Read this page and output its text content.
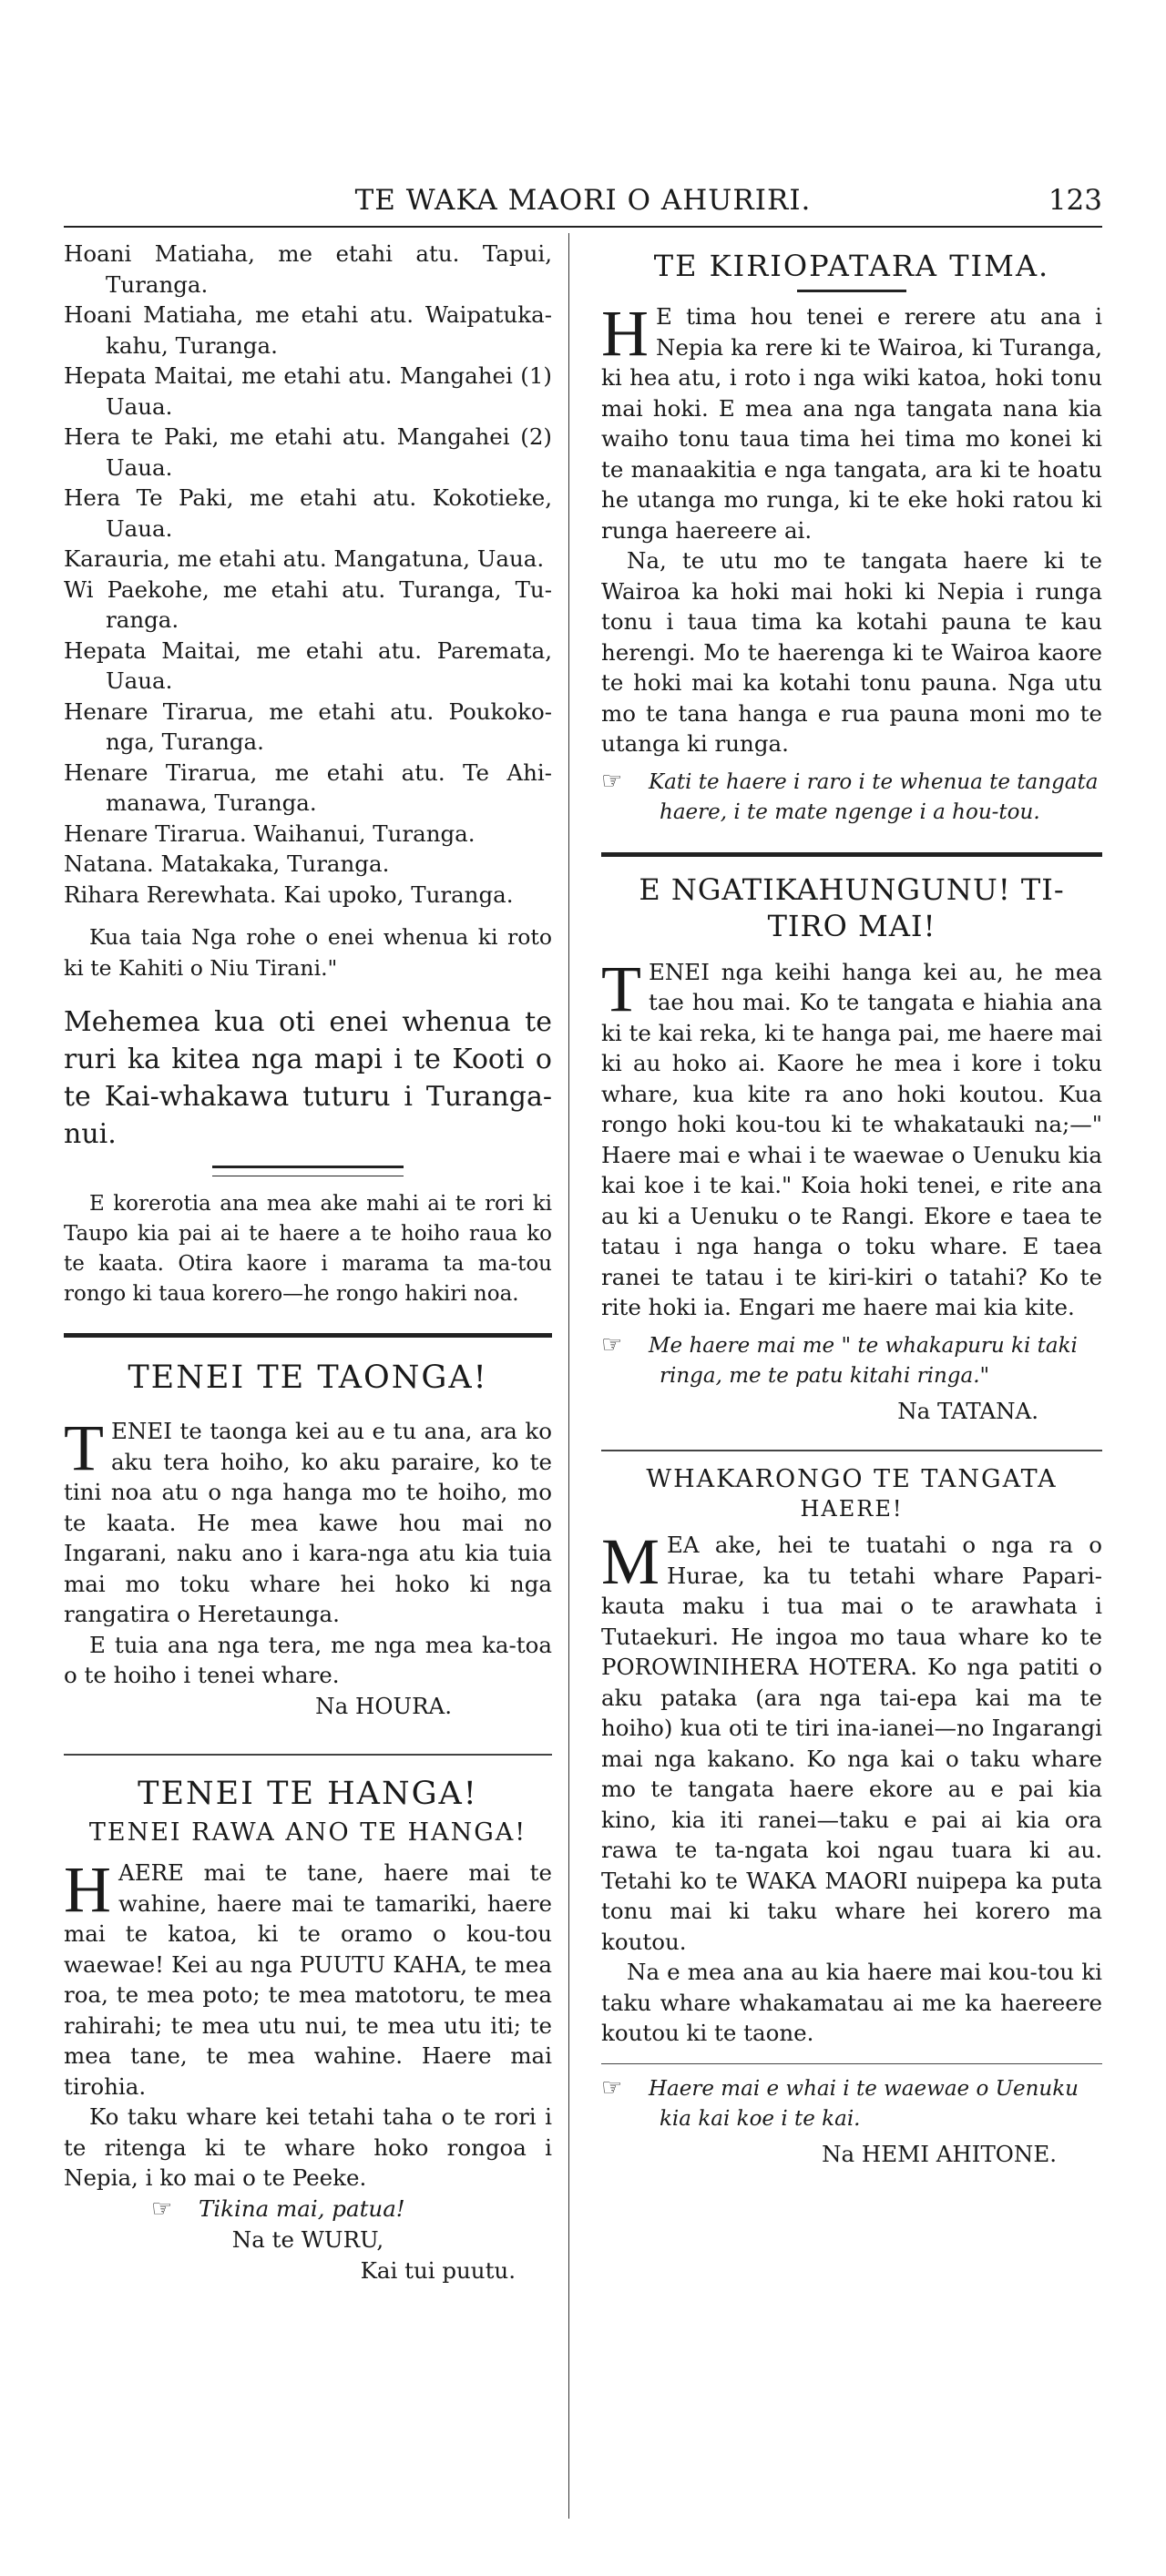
TE WAKA MAORI O AHURIRI.	123
Hoani Matiaha, me etahi atu. Tapui, Turanga.
Hoani Matiaha, me etahi atu. Waipatuka-kahu, Turanga.
Hepata Maitai, me etahi atu. Mangahei (1) Uaua.
Hera te Paki, me etahi atu. Mangahei (2) Uaua.
Hera Te Paki, me etahi atu. Kokotieke, Uaua.
Karauria, me etahi atu. Mangatuna, Uaua.
Wi Paekohe, me etahi atu. Turanga, Tu-ranga.
Hepata Maitai, me etahi atu. Paremata, Uaua.
Henare Tirarua, me etahi atu. Poukoko-nga, Turanga.
Henare Tirarua, me etahi atu. Te Ahi-manawa, Turanga.
Henare Tirarua. Waihanui, Turanga.
Natana. Matakaka, Turanga.
Rihara Rerewhata. Kai upoko, Turanga.
Kua taia Nga rohe o enei whenua ki roto ki te Kahiti o Niu Tirani."
Mehemea kua oti enei whenua te ruri ka kitea nga mapi i te Kooti o te Kai-whakawa tuturu i Turanga-nui.
E korerotia ana mea ake mahi ai te rori ki Taupo kia pai ai te haere a te hoiho raua ko te kaata. Otira kaore i marama ta ma-tou rongo ki taua korero—he rongo hakiri noa.
TENEI TE TAONGA!
TENEI te taonga kei au e tu ana, ara ko aku tera hoiho, ko aku paraire, ko te tini noa atu o nga hanga mo te hoiho, mo te kaata. He mea kawe hou mai no Ingarani, naku ano i kara-nga atu kia tuia mai mo toku whare hei hoko ki nga rangatira o Heretaunga.
E tuia ana nga tera, me nga mea ka-toa o te hoiho i tenei whare.
Na HOURA.
TENEI TE HANGA!
TENEI RAWA ANO TE HANGA!
HAERE mai te tane, haere mai te wahine, haere mai te tamariki, haere mai te katoa, ki te oramo o kou-tou waewae! Kei au nga PUUTU KAHA, te mea roa, te mea poto; te mea matotoru, te mea rahirahi; te mea utu nui, te mea utu iti; te mea tane, te mea wahine. Haere mai tirohia.
Ko taku whare kei tetahi taha o te rori i te ritenga ki te whare hoko rongoa i Nepia, i ko mai o te Peeke.
☞ Tikina mai, patua!
Na te WURU,
Kai tui puutu.
TE KIRIOPATARA TIMA.
H E tima hou tenei e rerere atu ana i Nepia ka rere ki te Wairoa, ki Turanga, ki hea atu, i roto i nga wiki katoa, hoki tonu mai hoki. E mea ana nga tangata nana kia waiho tonu taua tima hei tima mo konei ki te manaakitia e nga tangata, ara ki te hoatu he utanga mo runga, ki te eke hoki ratou ki runga haereere ai.
Na, te utu mo te tangata haere ki te Wairoa ka hoki mai hoki ki Nepia i runga tonu i taua tima ka kotahi pauna te kau herengi. Mo te haerenga ki te Wairoa kaore te hoki mai ka kotahi tonu pauna. Nga utu mo te tana hanga e rua pauna moni mo te utanga ki runga.
☞ Kati te haere i raro i te whenua te tangata haere, i te mate ngenge i a hou-tou.
E NGATIKAHUNGUNU! TI-TIRO MAI!
TENEI nga keihi hanga kei au, he mea tae hou mai. Ko te tangata e hiahia ana ki te kai reka, ki te hanga pai, me haere mai ki au hoko ai. Kaore he mea i kore i toku whare, kua kite ra ano hoki koutou. Kua rongo hoki kou-tou ki te whakatauki na;—" Haere mai e whai i te waewae o Uenuku kia kai koe i te kai." Koia hoki tenei, e rite ana au ki a Uenuku o te Rangi. Ekore e taea te tatau i nga hanga o toku whare. E taea ranei te tatau i te kiri-kiri o tatahi? Ko te rite hoki ia. Engari me haere mai kia kite.
☞ Me haere mai me " te whakapuru ki taki ringa, me te patu kitahi ringa."
Na TATANA.
WHAKARONGO TE TANGATA
HAERE!
MEA ake, hei te tuatahi o nga ra o Hurae, ka tu tetahi whare Papari-kauta maku i tua mai o te arawhata i Tutaekuri. He ingoa mo taua whare ko te POROWINIHERA HOTERA. Ko nga patiti o aku pataka (ara nga tai-epa kai ma te hoiho) kua oti te tiri ina-ianei—no Ingarangi mai nga kakano. Ko nga kai o taku whare mo te tangata haere ekore au e pai kia kino, kia iti ranei—taku e pai ai kia ora rawa te ta-ngata koi ngau tuara ki au. Tetahi ko te WAKA MAORI nuipepa ka puta tonu mai ki taku whare hei korero ma koutou.
Na e mea ana au kia haere mai kou-tou ki taku whare whakamatau ai me ka haereere koutou ki te taone.
☞ Haere mai e whai i te waewae o Uenuku kia kai koe i te kai.
Na HEMI AHITONE.
